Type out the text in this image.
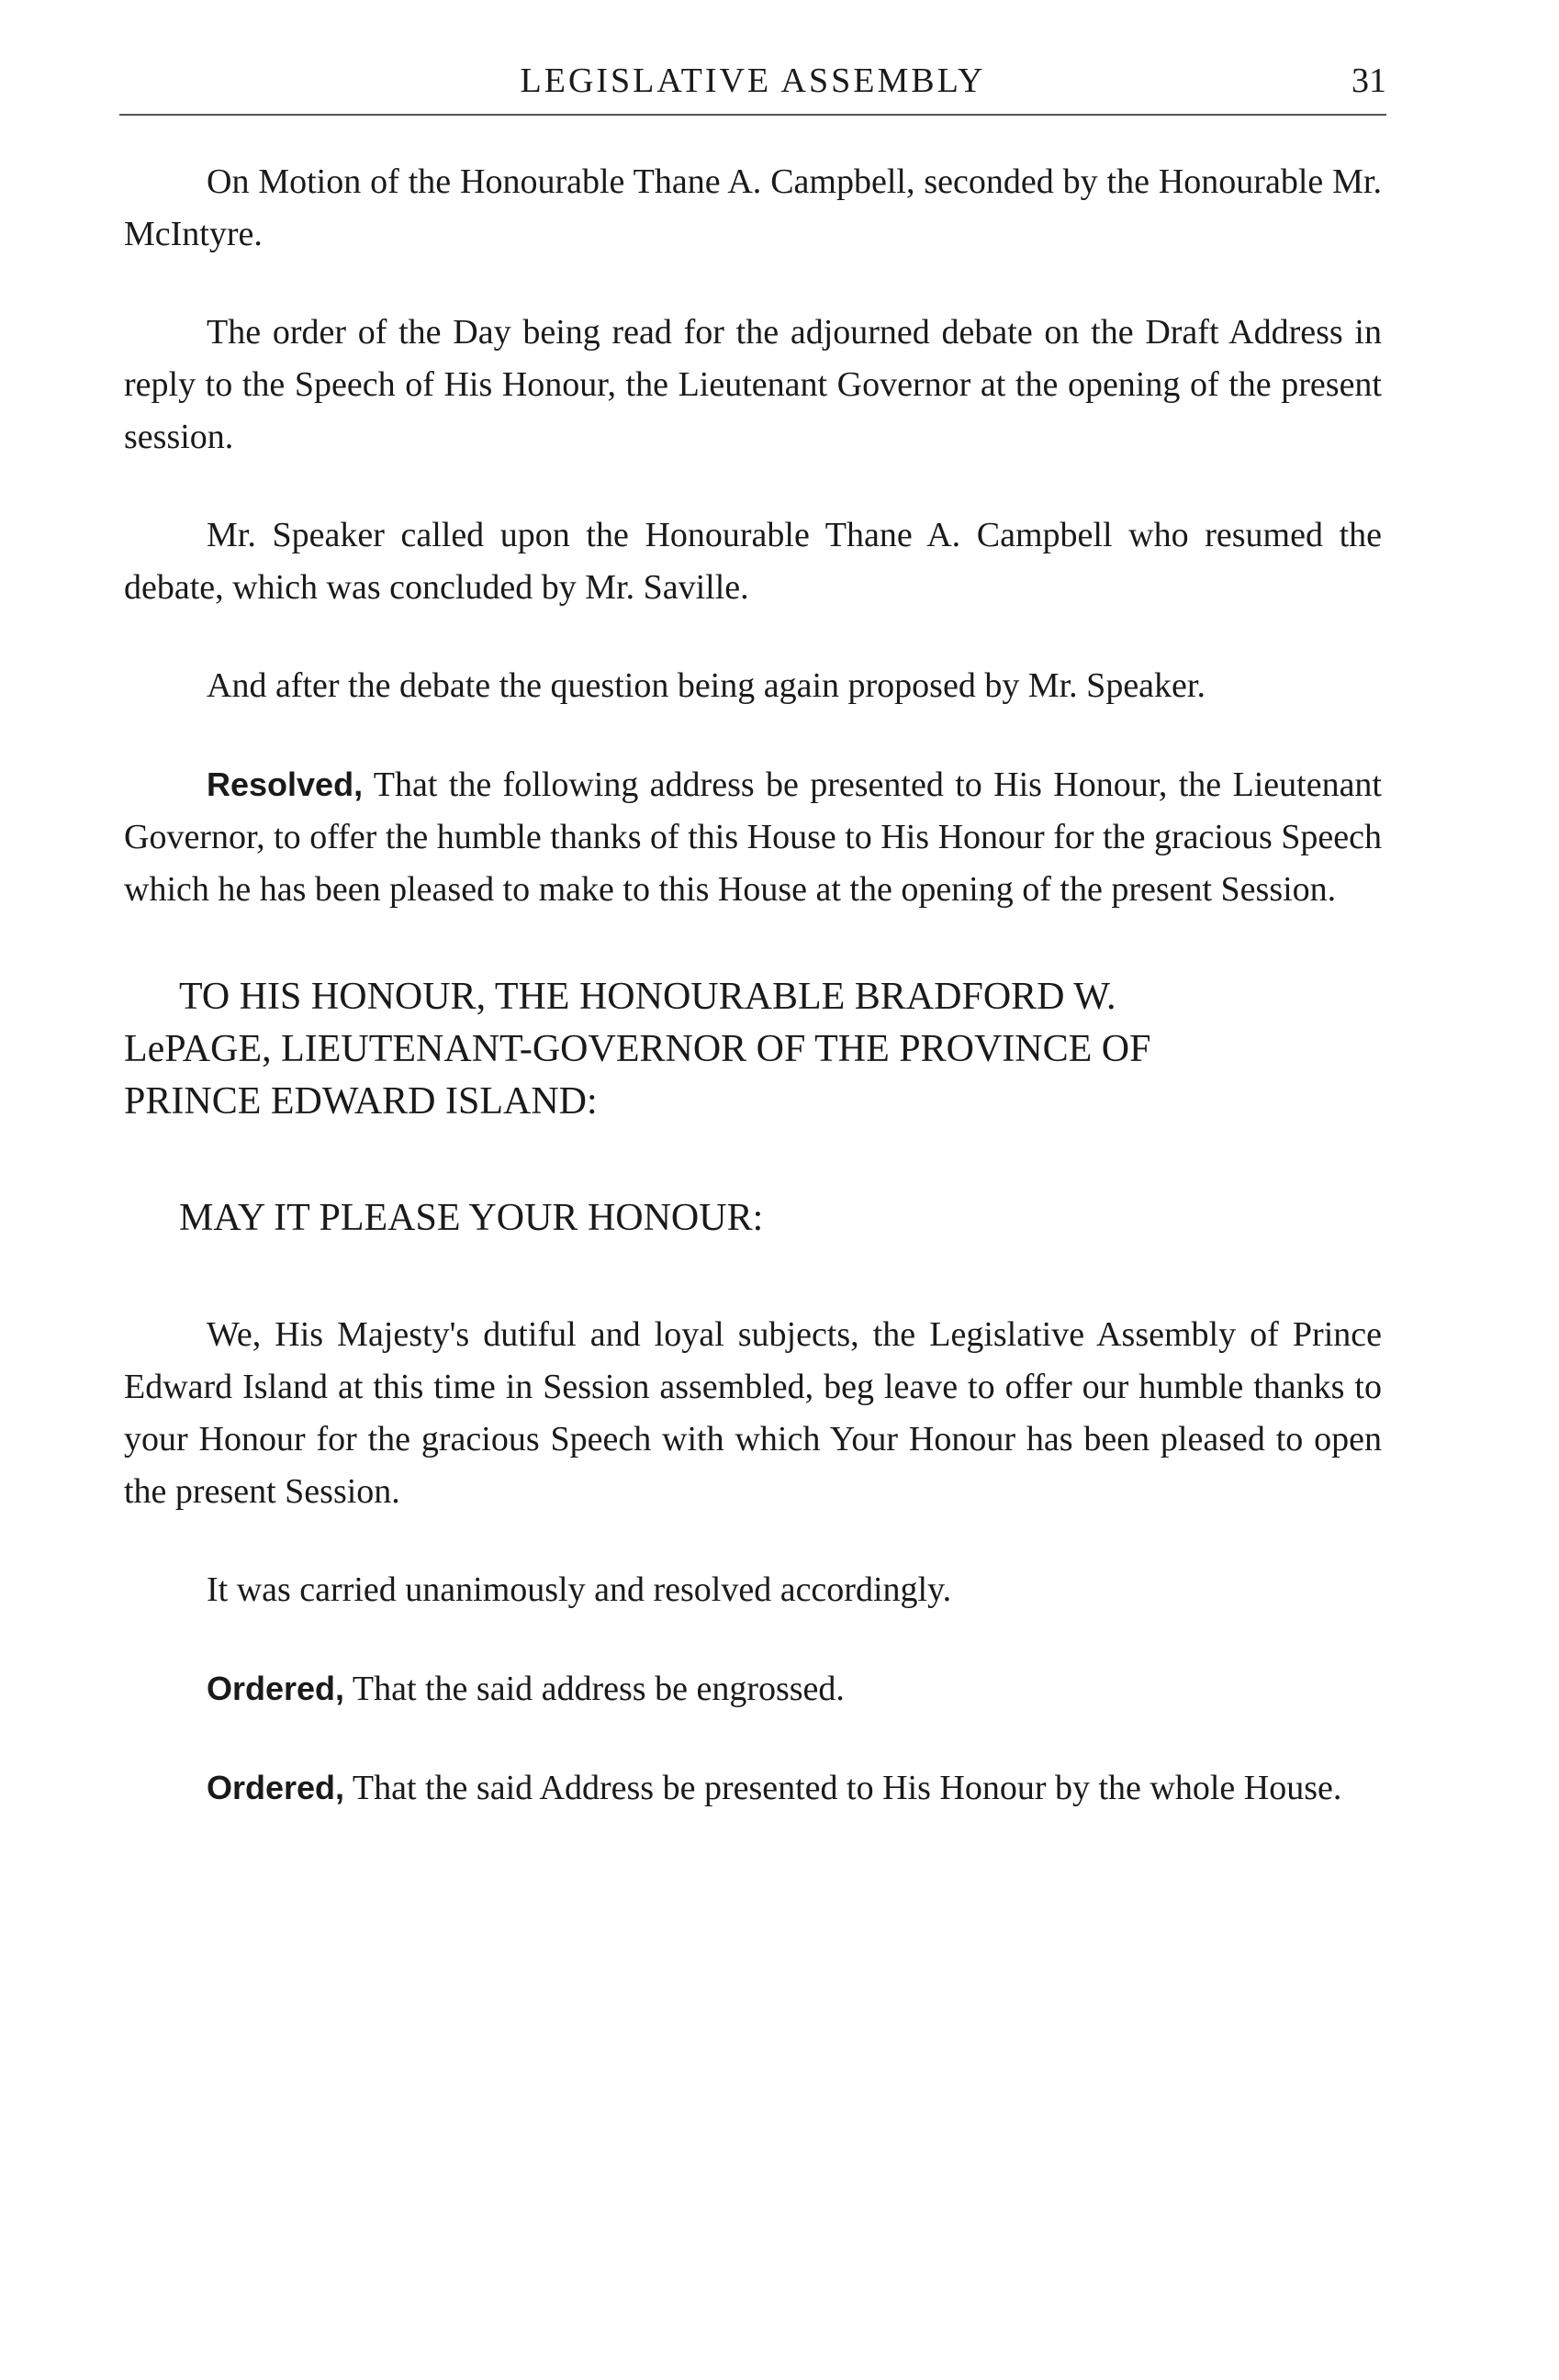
LEGISLATIVE ASSEMBLY	31

On Motion of the Honourable Thane A. Campbell, seconded by the Honourable Mr. McIntyre.

The order of the Day being read for the adjourned debate on the Draft Address in reply to the Speech of His Honour, the Lieutenant Governor at the opening of the present session.

Mr. Speaker called upon the Honourable Thane A. Campbell who resumed the debate, which was concluded by Mr. Saville.

And after the debate the question being again proposed by Mr. Speaker.

Resolved, That the following address be presented to His Honour, the Lieutenant Governor, to offer the humble thanks of this House to His Honour for the gracious Speech which he has been pleased to make to this House at the opening of the present Session.

TO HIS HONOUR, THE HONOURABLE BRADFORD W.
LePAGE, LIEUTENANT-GOVERNOR OF THE PROVINCE OF
PRINCE EDWARD ISLAND:

MAY IT PLEASE YOUR HONOUR:

We, His Majesty's dutiful and loyal subjects, the Legislative Assembly of Prince Edward Island at this time in Session assembled, beg leave to offer our humble thanks to your Honour for the gracious Speech with which Your Honour has been pleased to open the present Session.

It was carried unanimously and resolved accordingly.

Ordered, That the said address be engrossed.

Ordered, That the said Address be presented to His Honour by the whole House.
